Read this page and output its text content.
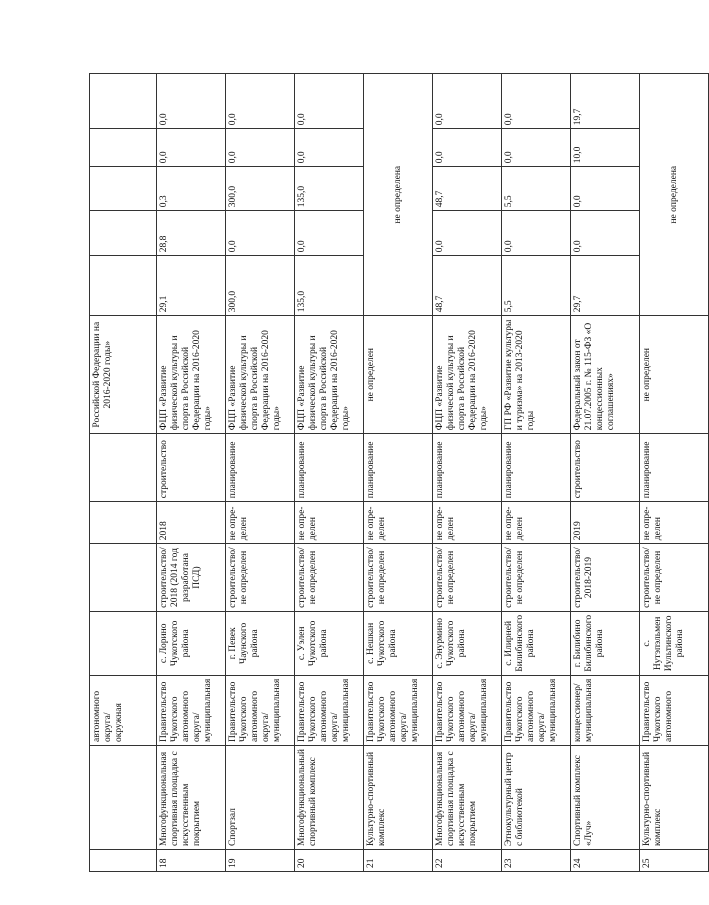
		автономного округа/ окружная					Российской Федерации на 2016-2020 годы»					
18	Многофункциональная спортивная площадка с искусственным покрытием	Правительство Чукотского автономного округа/ муниципальная	с. Лорино Чукотского района	строительство/ 2018 (2014 год разработана ПСД)	2018	строительство	ФЦП «Развитие физической культуры и спорта в Российской Федерации на 2016-2020 годы»	29,1	28,8	0,3	0,0	0,0
19	Спортзал	Правительство Чукотского автономного округа/ муниципальная	г. Певек Чаунского района	строительство/ не определен	не опре-делен	планирование	ФЦП «Развитие физической культуры и спорта в Российской Федерации на 2016-2020 годы»	300,0	0,0	300,0	0,0	0,0
20	Многофункциональный спортивный комплекс	Правительство Чукотского автономного округа/ муниципальная	с. Уэлен Чукотского района	строительство/ не определен	не опре-делен	планирование	ФЦП «Развитие физической культуры и спорта в Российской Федерации на 2016-2020 годы»	135,0	0,0	135,0	0,0	0,0
21	Культурно-спортивный комплекс	Правительство Чукотского автономного округа/ муниципальная	с. Нешкан Чукотского района	строительство/ не определен	не опре-делен	планирование	не определен	не определена				
22	Многофункциональная спортивная площадка с искусственным покрытием	Правительство Чукотского автономного округа/ муниципальная	с. Энурмино Чукотского района	строительство/ не определен	не опре-делен	планирование	ФЦП «Развитие физической культуры и спорта в Российской Федерации на 2016-2020 годы»	48,7	0,0	48,7	0,0	0,0
23	Этнокультурный центр с библиотекой	Правительство Чукотского автономного округа/ муниципальная	с. Илирней Билибинского района	строительство/ не определен	не опре-делен	планирование	ГП РФ «Развитие культуры и туризма» на 2013-2020 годы	5,5	0,0	5,5	0,0	0,0
24	Спортивный комплекс «Луч»	концессионер/ муниципальная	г. Билибино Билибинского района	строительство/ 2018-2019	2019	строительство	Федеральный закон от 21.07.2005 г. № 115-ФЗ «О концессионных соглашениях»	29,7	0,0	0,0	10,0	19,7
25	Культурно-спортивный комплекс	Правительство Чукотского автономного	с. Нутэпэльмен Иультинского района	строительство/ не определен	не опре-делен	планирование	не определен	не определена				
